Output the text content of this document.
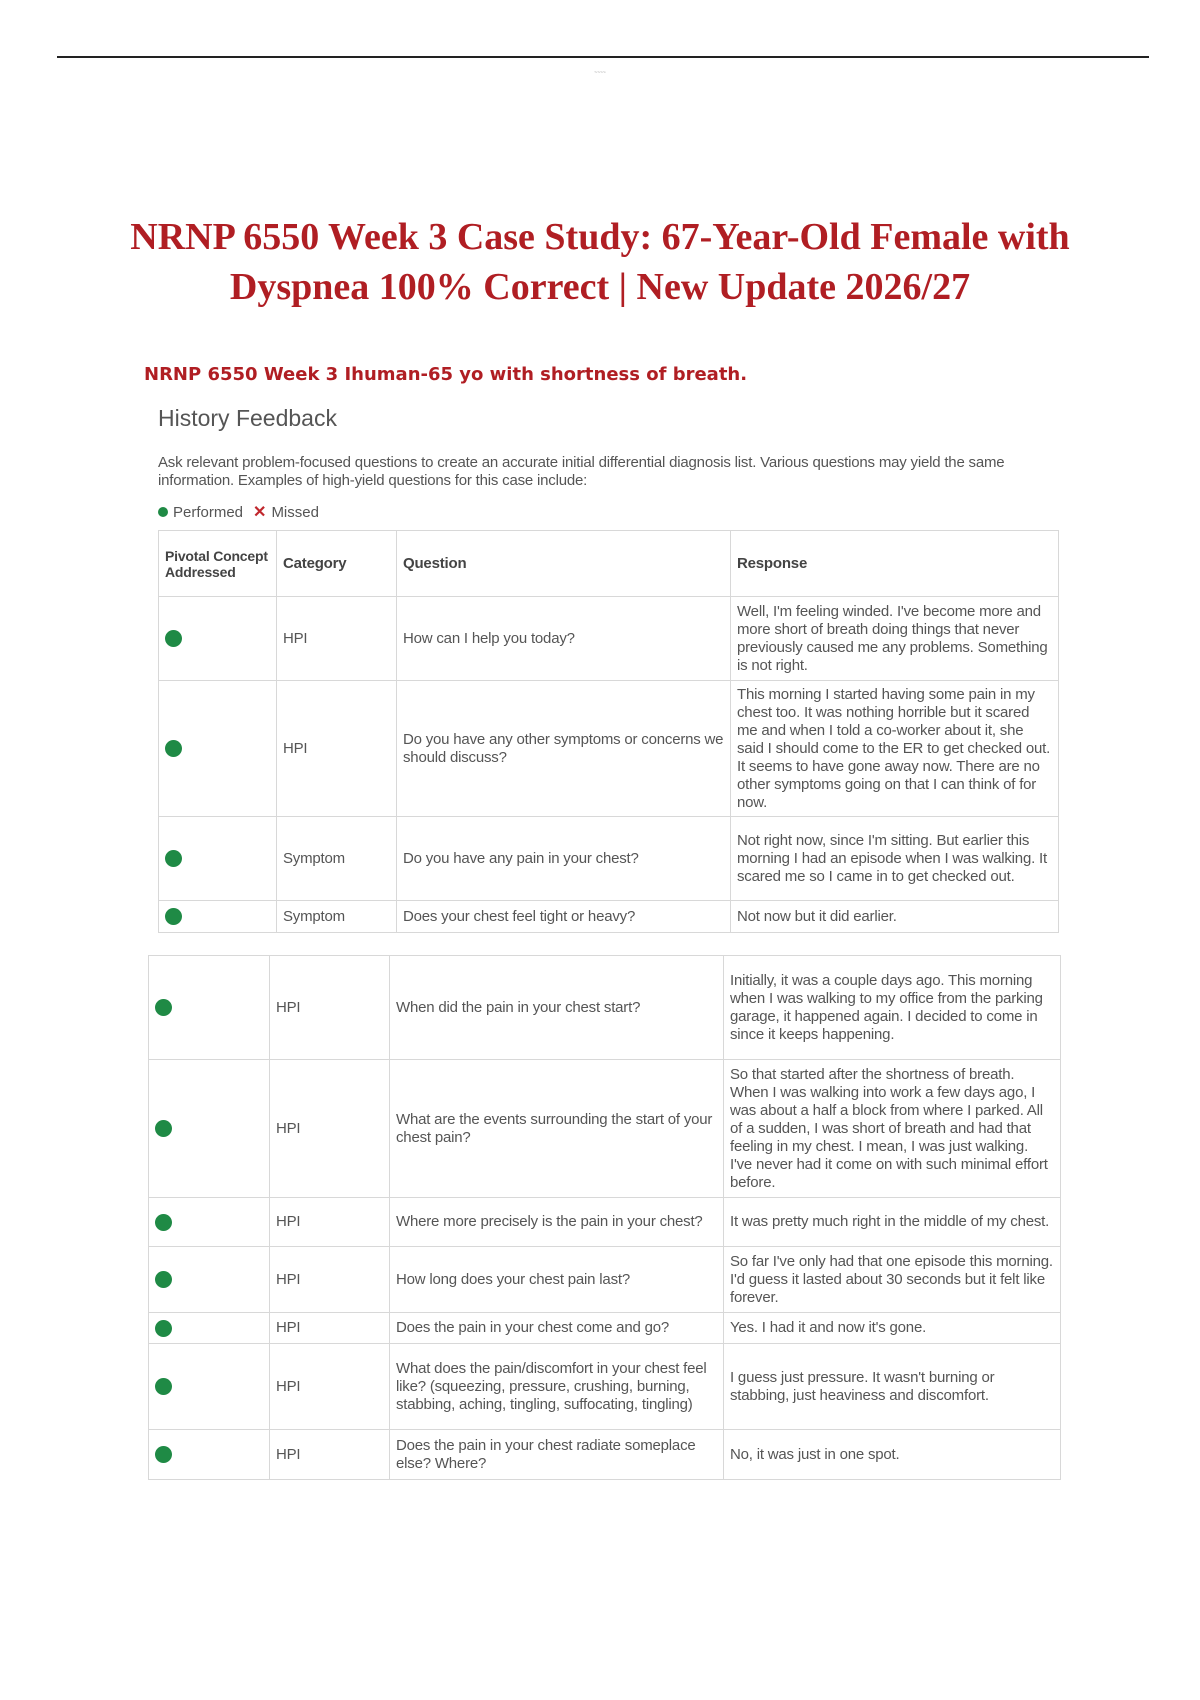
~~~~
NRNP 6550 Week 3 Case Study: 67-Year-Old Female with Dyspnea 100% Correct | New Update 2026/27
NRNP 6550 Week 3 Ihuman-65 yo with shortness of breath.
History Feedback

Ask relevant problem-focused questions to create an accurate initial differential diagnosis list. Various questions may yield the same information. Examples of high-yield questions for this case include:

Performed ✕ Missed
Pivotal Concept Addressed	Category	Question	Response
	HPI	How can I help you today?	Well, I'm feeling winded. I've become more and more short of breath doing things that never previously caused me any problems. Something is not right.
	HPI	Do you have any other symptoms or concerns we should discuss?	This morning I started having some pain in my chest too. It was nothing horrible but it scared me and when I told a co-worker about it, she said I should come to the ER to get checked out. It seems to have gone away now. There are no other symptoms going on that I can think of for now.
	Symptom	Do you have any pain in your chest?	Not right now, since I'm sitting. But earlier this morning I had an episode when I was walking. It scared me so I came in to get checked out.
	Symptom	Does your chest feel tight or heavy?	Not now but it did earlier.
	HPI	When did the pain in your chest start?	Initially, it was a couple days ago. This morning when I was walking to my office from the parking garage, it happened again. I decided to come in since it keeps happening.
	HPI	What are the events surrounding the start of your chest pain?	So that started after the shortness of breath. When I was walking into work a few days ago, I was about a half a block from where I parked. All of a sudden, I was short of breath and had that feeling in my chest. I mean, I was just walking. I've never had it come on with such minimal effort before.
	HPI	Where more precisely is the pain in your chest?	It was pretty much right in the middle of my chest.
	HPI	How long does your chest pain last?	So far I've only had that one episode this morning. I'd guess it lasted about 30 seconds but it felt like forever.
	HPI	Does the pain in your chest come and go?	Yes. I had it and now it's gone.
	HPI	What does the pain/discomfort in your chest feel like? (squeezing, pressure, crushing, burning, stabbing, aching, tingling, suffocating, tingling)	I guess just pressure. It wasn't burning or stabbing, just heaviness and discomfort.
	HPI	Does the pain in your chest radiate someplace else? Where?	No, it was just in one spot.
